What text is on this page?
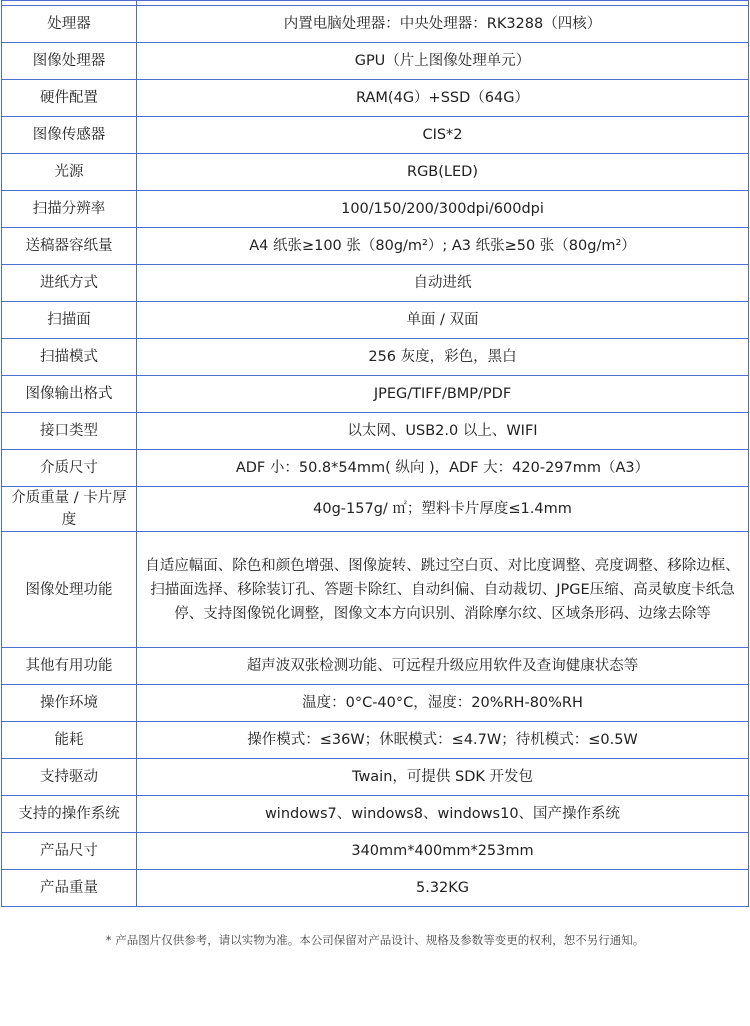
处理器	内置电脑处理器：中央处理器：RK3288（四核）
图像处理器	GPU（片上图像处理单元）
硬件配置	RAM(4G）+SSD（64G）
图像传感器	CIS*2
光源	RGB(LED)
扫描分辨率	100/150/200/300dpi/600dpi
送稿器容纸量	A4 纸张≥100 张（80g/m²）; A3 纸张≥50 张（80g/m²）
进纸方式	自动进纸
扫描面	单面 / 双面
扫描模式	256 灰度，彩色，黑白
图像输出格式	JPEG/TIFF/BMP/PDF
接口类型	以太网、USB2.0 以上、WIFI
介质尺寸	ADF 小：50.8*54mm( 纵向 )，ADF 大：420-297mm（A3）
介质重量 / 卡片厚度	40g-157g/ ㎡；塑料卡片厚度≤1.4mm
图像处理功能	自适应幅面、除色和颜色增强、图像旋转、跳过空白页、对比度调整、亮度调整、移除边框、扫描面选择、移除装订孔、答题卡除红、自动纠偏、自动裁切、JPGE压缩、高灵敏度卡纸急停、支持图像锐化调整，图像文本方向识别、消除摩尔纹、区域条形码、边缘去除等
其他有用功能	超声波双张检测功能、可远程升级应用软件及查询健康状态等
操作环境	温度：0°C-40°C，湿度：20%RH-80%RH
能耗	操作模式：≤36W；休眠模式：≤4.7W；待机模式：≤0.5W
支持驱动	Twain，可提供 SDK 开发包
支持的操作系统	windows7、windows8、windows10、国产操作系统
产品尺寸	340mm*400mm*253mm
产品重量	5.32KG
* 产品图片仅供参考，请以实物为准。本公司保留对产品设计、规格及参数等变更的权利，恕不另行通知。
